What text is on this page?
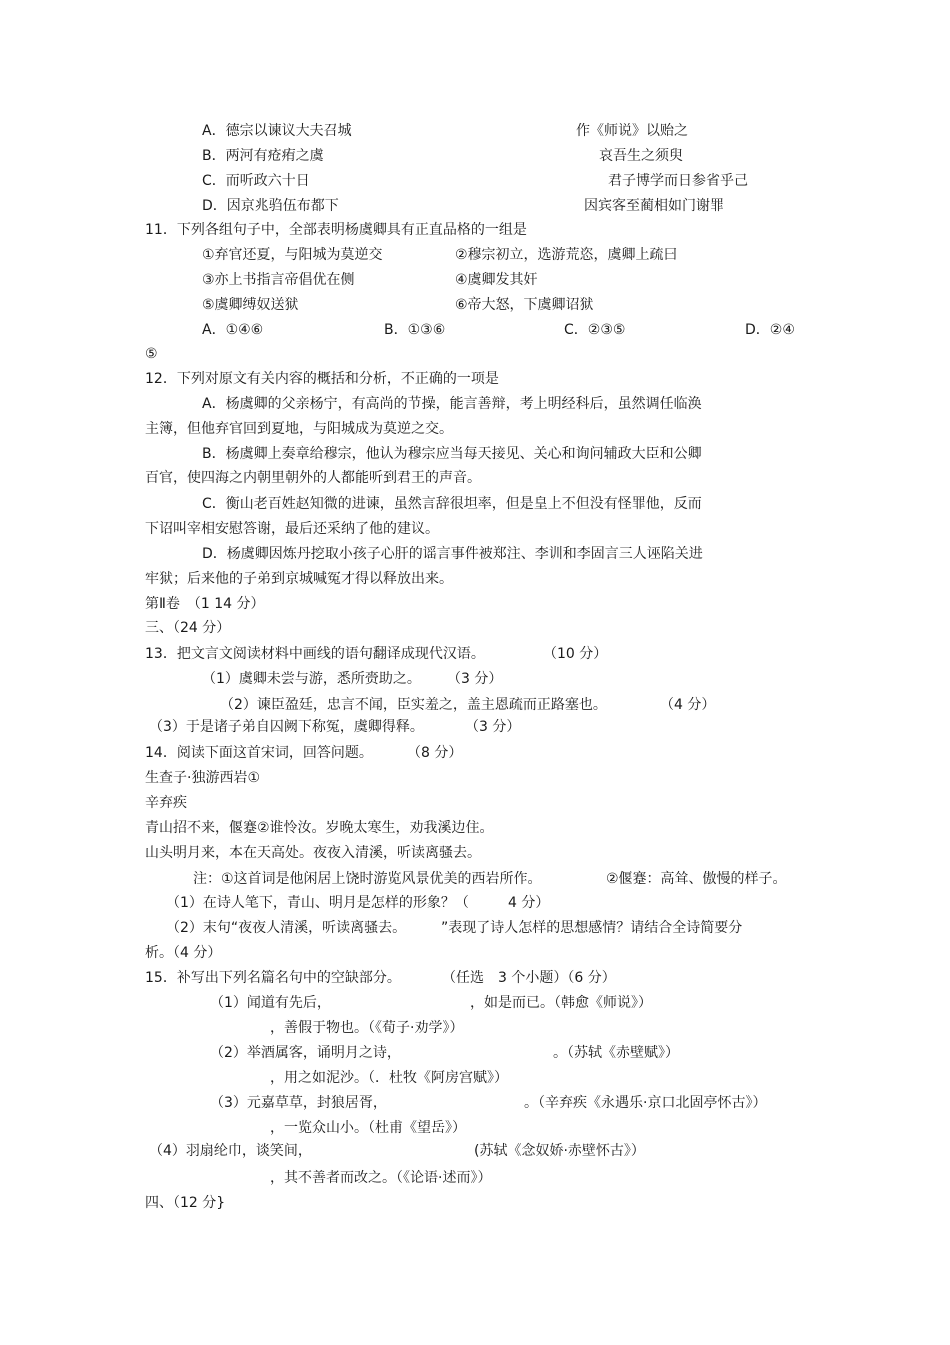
A．德宗以谏议大夫召城	作《师说》以贻之
B．两河有疮痏之虞	哀吾生之须臾
C．而听政六十日	君子博学而日参省乎己
D．因京兆驺伍布都下	因宾客至蔺相如门谢罪
11．下列各组句子中，全部表明杨虞卿具有正直品格的一组是
①弃官还夏，与阳城为莫逆交	②穆宗初立，选游荒恣，虞卿上疏曰
③亦上书指言帝倡优在侧	④虞卿发其奸
⑤虞卿缚奴送狱	⑥帝大怒，下虞卿诏狱
A．①④⑥	B．①③⑥	C．②③⑤	D．②④
⑤
12．下列对原文有关内容的概括和分析，不正确的一项是
A．杨虞卿的父亲杨宁，有高尚的节操，能言善辩，考上明经科后，虽然调任临涣
主簿，但他弃官回到夏地，与阳城成为莫逆之交。
B．杨虞卿上奏章给穆宗，他认为穆宗应当每天接见、关心和询问辅政大臣和公卿
百官，使四海之内朝里朝外的人都能听到君王的声音。
C．衡山老百姓赵知微的进谏，虽然言辞很坦率，但是皇上不但没有怪罪他，反而
下诏叫宰相安慰答谢，最后还采纳了他的建议。
D．杨虞卿因炼丹挖取小孩子心肝的谣言事件被郑注、李训和李固言三人诬陷关进
牢狱；后来他的子弟到京城喊冤才得以释放出来。
第Ⅱ卷　（1 14 分）
三、（24 分）
13．把文言文阅读材料中画线的语句翻译成现代汉语。	（10 分）
（1）虞卿未尝与游，悉所赍助之。 （3 分）
（2）谏臣盈廷，忠言不闻，臣实羞之，盖主恩疏而正路塞也。	（4 分）
（3）于是诸子弟自囚阙下称冤，虞卿得释。	（3 分）
14．阅读下面这首宋词，回答问题。 （8 分）
生查子·独游西岩①
辛弃疾
青山招不来，偃蹇②谁怜汝。岁晚太寒生，劝我溪边住。
山头明月来，本在天高处。夜夜入清溪，听读离骚去。
注：①这首词是他闲居上饶时游览风景优美的西岩所作。	②偃蹇：高耸、傲慢的样子。
（1）在诗人笔下，青山、明月是怎样的形象？（	4 分）
（2）末句“夜夜人清溪，听读离骚去。 ”表现了诗人怎样的思想感情？请结合全诗简要分
析。（4 分）
15．补写出下列名篇名句中的空缺部分。	（任选　3 个小题）（6 分）
（1）闻道有先后，	，如是而已。（韩愈《师说》）
，善假于物也。（《荀子·劝学》）
（2）举酒属客，诵明月之诗，	。（苏轼《赤壁赋》）
，用之如泥沙。（．杜牧《阿房宫赋》）
（3）元嘉草草，封狼居胥，	。（辛弃疾《永遇乐·京口北固亭怀古》）
，一览众山小。（杜甫《望岳》）
（4）羽扇纶巾，谈笑间，	(苏轼《念奴娇·赤壁怀古》）
，其不善者而改之。（《论语·述而》）
四、（12 分}
